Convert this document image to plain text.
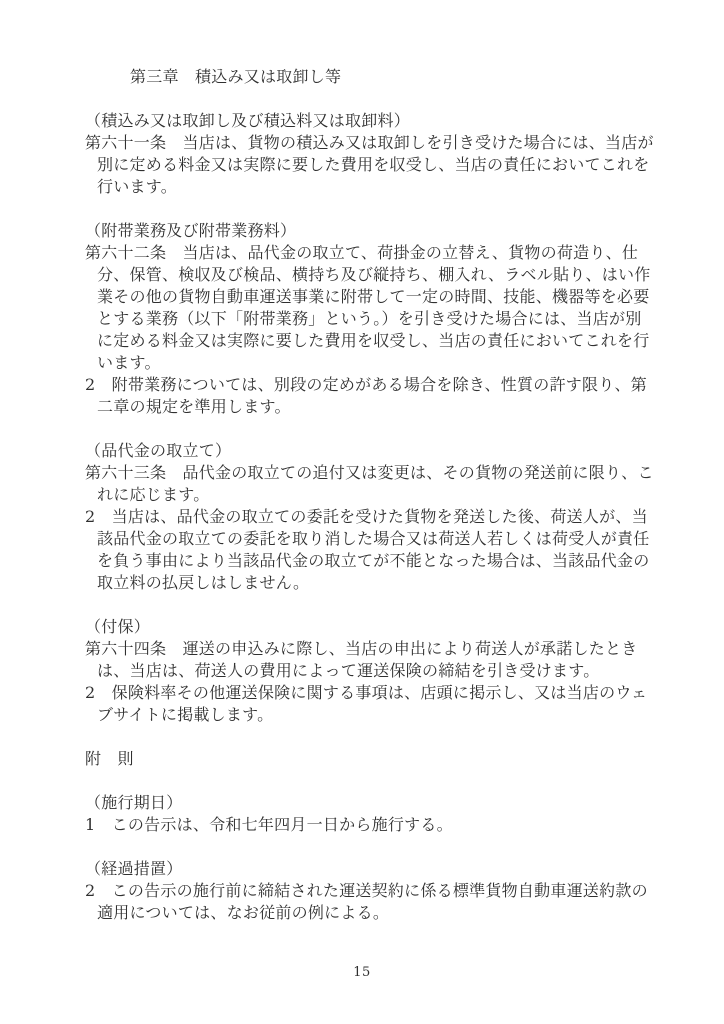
第三章　積込み又は取卸し等
（積込み又は取卸し及び積込料又は取卸料）
第六十一条　当店は、貨物の積込み又は取卸しを引き受けた場合には、当店が
別に定める料金又は実際に要した費用を収受し、当店の責任においてこれを
行います。
（附帯業務及び附帯業務料）
第六十二条　当店は、品代金の取立て、荷掛金の立替え、貨物の荷造り、仕
分、保管、検収及び検品、横持ち及び縦持ち、棚入れ、ラベル貼り、はい作
業その他の貨物自動車運送事業に附帯して一定の時間、技能、機器等を必要
とする業務（以下「附帯業務」という。）を引き受けた場合には、当店が別
に定める料金又は実際に要した費用を収受し、当店の責任においてこれを行
います。
2　附帯業務については、別段の定めがある場合を除き、性質の許す限り、第
二章の規定を準用します。
（品代金の取立て）
第六十三条　品代金の取立ての追付又は変更は、その貨物の発送前に限り、こ
れに応じます。
2　当店は、品代金の取立ての委託を受けた貨物を発送した後、荷送人が、当
該品代金の取立ての委託を取り消した場合又は荷送人若しくは荷受人が責任
を負う事由により当該品代金の取立てが不能となった場合は、当該品代金の
取立料の払戻しはしません。
（付保）
第六十四条　運送の申込みに際し、当店の申出により荷送人が承諾したとき
は、当店は、荷送人の費用によって運送保険の締結を引き受けます。
2　保険料率その他運送保険に関する事項は、店頭に掲示し、又は当店のウェ
ブサイトに掲載します。
附　則
（施行期日）
1　この告示は、令和七年四月一日から施行する。
（経過措置）
2　この告示の施行前に締結された運送契約に係る標準貨物自動車運送約款の
適用については、なお従前の例による。
15
